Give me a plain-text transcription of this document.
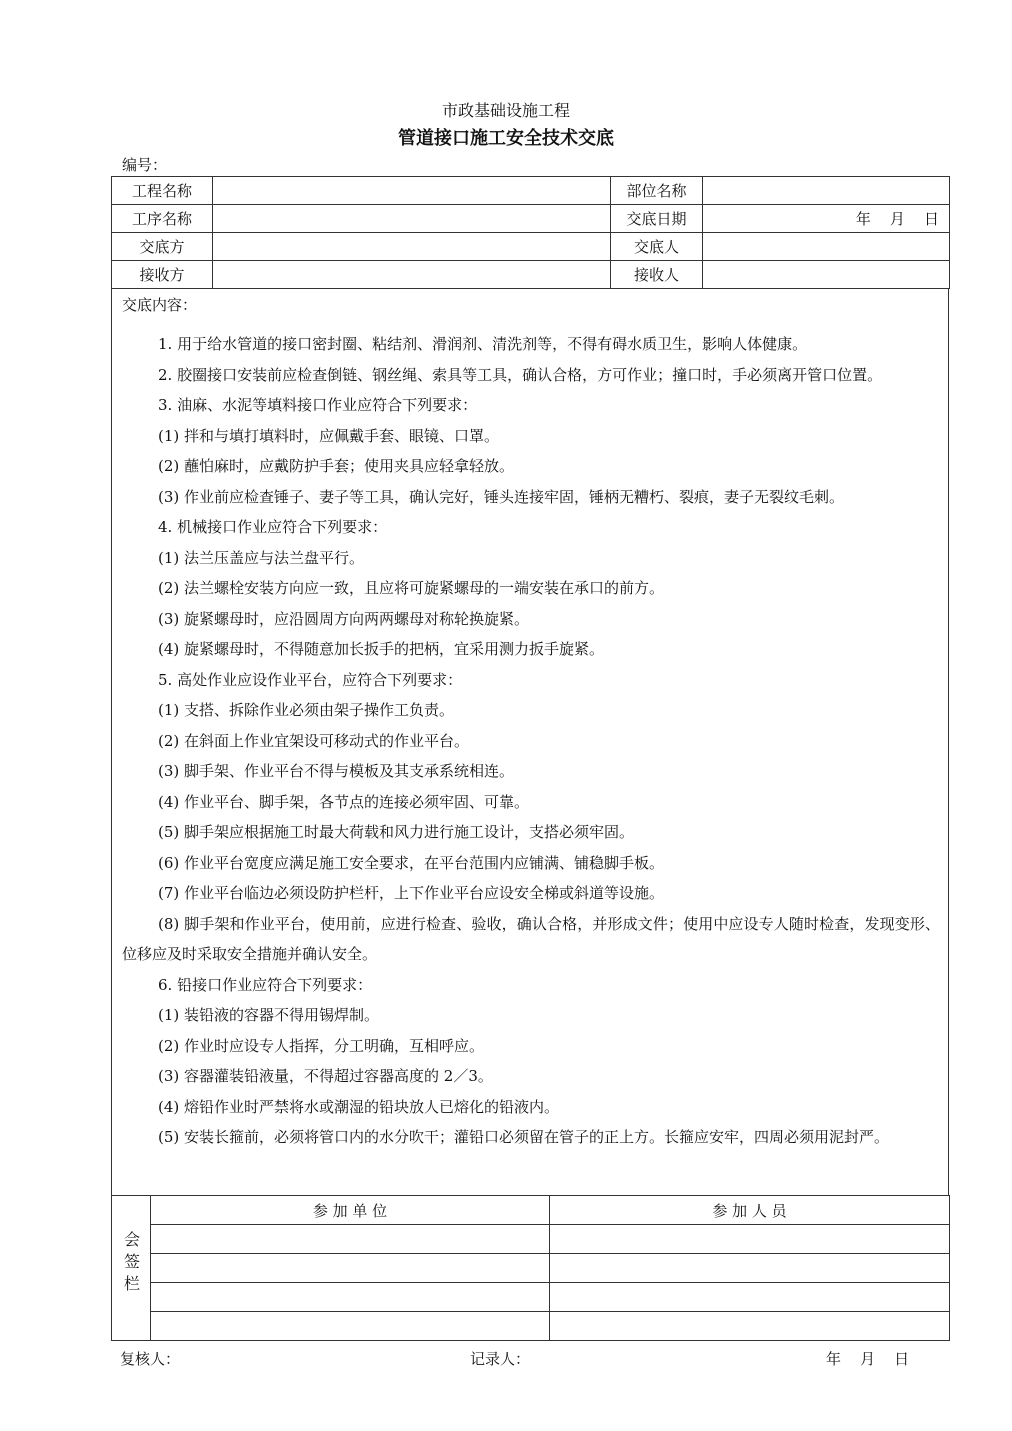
市政基础设施工程
管道接口施工安全技术交底
编号：
工程名称		部位名称	
工序名称		交底日期	年    月    日
交底方		交底人	
接收方		接收人	
交底内容：

1. 用于给水管道的接口密封圈、粘结剂、滑润剂、清洗剂等，不得有碍水质卫生，影响人体健康。

2. 胶圈接口安装前应检查倒链、钢丝绳、索具等工具，确认合格，方可作业；撞口时，手必须离开管口位置。

3. 油麻、水泥等填料接口作业应符合下列要求：

(1) 拌和与填打填料时，应佩戴手套、眼镜、口罩。

(2) 蘸怕麻时，应戴防护手套；使用夹具应轻拿轻放。

(3) 作业前应检查锤子、妻子等工具，确认完好，锤头连接牢固，锤柄无糟朽、裂痕，妻子无裂纹毛刺。

4. 机械接口作业应符合下列要求：

(1) 法兰压盖应与法兰盘平行。

(2) 法兰螺栓安装方向应一致，且应将可旋紧螺母的一端安装在承口的前方。

(3) 旋紧螺母时，应沿圆周方向两两螺母对称轮换旋紧。

(4) 旋紧螺母时，不得随意加长扳手的把柄，宜采用测力扳手旋紧。

5. 高处作业应设作业平台，应符合下列要求：

(1) 支搭、拆除作业必须由架子操作工负责。

(2) 在斜面上作业宜架设可移动式的作业平台。

(3) 脚手架、作业平台不得与模板及其支承系统相连。

(4) 作业平台、脚手架，各节点的连接必须牢固、可靠。

(5) 脚手架应根据施工时最大荷载和风力进行施工设计，支搭必须牢固。

(6) 作业平台宽度应满足施工安全要求，在平台范围内应铺满、铺稳脚手板。

(7) 作业平台临边必须设防护栏杆，上下作业平台应设安全梯或斜道等设施。

(8) 脚手架和作业平台，使用前，应进行检查、验收，确认合格，并形成文件；使用中应设专人随时检查，发现变形、位移应及时采取安全措施并确认安全。

6. 铅接口作业应符合下列要求：

(1) 装铅液的容器不得用锡焊制。

(2) 作业时应设专人指挥，分工明确，互相呼应。

(3) 容器灌装铅液量，不得超过容器高度的 2／3。

(4) 熔铅作业时严禁将水或潮湿的铅块放人已熔化的铅液内。

(5) 安装长箍前，必须将管口内的水分吹干；灌铅口必须留在管子的正上方。长箍应安牢，四周必须用泥封严。

会签栏	参 加 单 位	参 加 人 员

复核人：	记录人：	年    月    日
